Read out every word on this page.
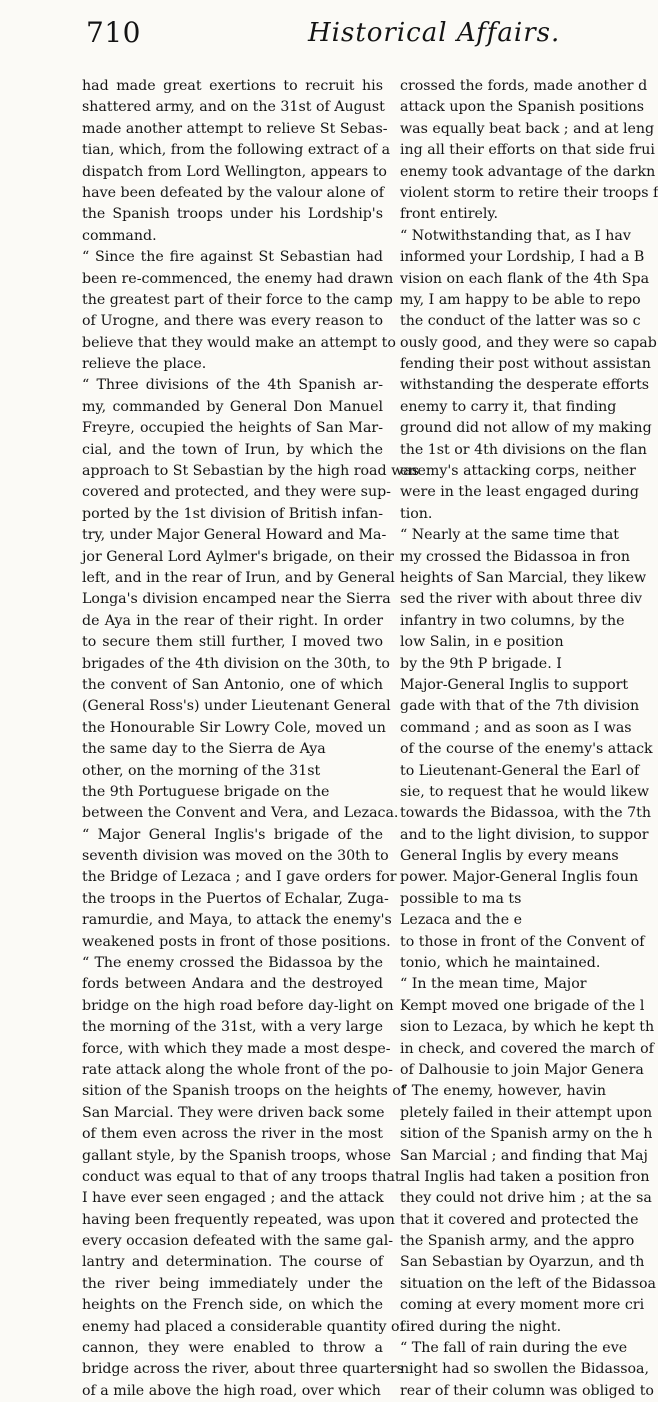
710	Historical Affairs.
had made great exertions to recruit his
shattered army, and on the 31st of August
made another attempt to relieve St Sebas-
tian, which, from the following extract of a
dispatch from Lord Wellington, appears to
have been defeated by the valour alone of
the Spanish troops under his Lordship's
command.
“ Since the fire against St Sebastian had
been re-commenced, the enemy had drawn
the greatest part of their force to the camp
of Urogne, and there was every reason to
believe that they would make an attempt to
relieve the place.
“ Three divisions of the 4th Spanish ar-
my, commanded by General Don Manuel
Freyre, occupied the heights of San Mar-
cial, and the town of Irun, by which the
approach to St Sebastian by the high road was
covered and protected, and they were sup-
ported by the 1st division of British infan-
try, under Major General Howard and Ma-
jor General Lord Aylmer's brigade, on their
left, and in the rear of Irun, and by General
Longa's division encamped near the Sierra
de Aya in the rear of their right. In order
to secure them still further, I moved two
brigades of the 4th division on the 30th, to
the convent of San Antonio, one of which
(General Ross's) under Lieutenant General
the Honourable Sir Lowry Cole, moved un
the same day to the Sierra de Aya
other, on the morning of the 31st
the 9th Portuguese brigade on the
between the Convent and Vera, and Lezaca.
“ Major General Inglis's brigade of the
seventh division was moved on the 30th to
the Bridge of Lezaca ; and I gave orders for
the troops in the Puertos of Echalar, Zuga-
ramurdie, and Maya, to attack the enemy's
weakened posts in front of those positions.
“ The enemy crossed the Bidassoa by the
fords between Andara and the destroyed
bridge on the high road before day-light on
the morning of the 31st, with a very large
force, with which they made a most despe-
rate attack along the whole front of the po-
sition of the Spanish troops on the heights of
San Marcial. They were driven back some
of them even across the river in the most
gallant style, by the Spanish troops, whose
conduct was equal to that of any troops that
I have ever seen engaged ; and the attack
having been frequently repeated, was upon
every occasion defeated with the same gal-
lantry and determination. The course of
the river being immediately under the
heights on the French side, on which the
enemy had placed a considerable quantity of
cannon, they were enabled to throw a
bridge across the river, about three quarters
of a mile above the high road, over which
crossed the fords, made another d
attack upon the Spanish positions
was equally beat back ; and at leng
ing all their efforts on that side frui
enemy took advantage of the darkn
violent storm to retire their troops f
front entirely.
“ Notwithstanding that, as I hav
informed your Lordship, I had a B
vision on each flank of the 4th Spa
my, I am happy to be able to repo
the conduct of the latter was so c
ously good, and they were so capab
fending their post without assistan
withstanding the desperate efforts
enemy to carry it, that finding
ground did not allow of my making
the 1st or 4th divisions on the flan
enemy's attacking corps, neither
were in the least engaged during
tion.
“ Nearly at the same time that
my crossed the Bidassoa in fron
heights of San Marcial, they likew
sed the river with about three div
infantry in two columns, by the
low Salin, in e position
by the 9th P brigade. I
Major-General Inglis to support
gade with that of the 7th division
command ; and as soon as I was
of the course of the enemy's attack
to Lieutenant-General the Earl of
sie, to request that he would likew
towards the Bidassoa, with the 7th
and to the light division, to suppor
General Inglis by every means
power. Major-General Inglis foun
possible to ma ts
Lezaca and the e
to those in front of the Convent of
tonio, which he maintained.
“ In the mean time, Major
Kempt moved one brigade of the l
sion to Lezaca, by which he kept th
in check, and covered the march of
of Dalhousie to join Major Genera
“ The enemy, however, havin
pletely failed in their attempt upon
sition of the Spanish army on the h
San Marcial ; and finding that Maj
ral Inglis had taken a position fron
they could not drive him ; at the sa
that it covered and protected the
the Spanish army, and the appro
San Sebastian by Oyarzun, and th
situation on the left of the Bidassoa
coming at every moment more cri
tired during the night.
“ The fall of rain during the eve
night had so swollen the Bidassoa,
rear of their column was obliged to
